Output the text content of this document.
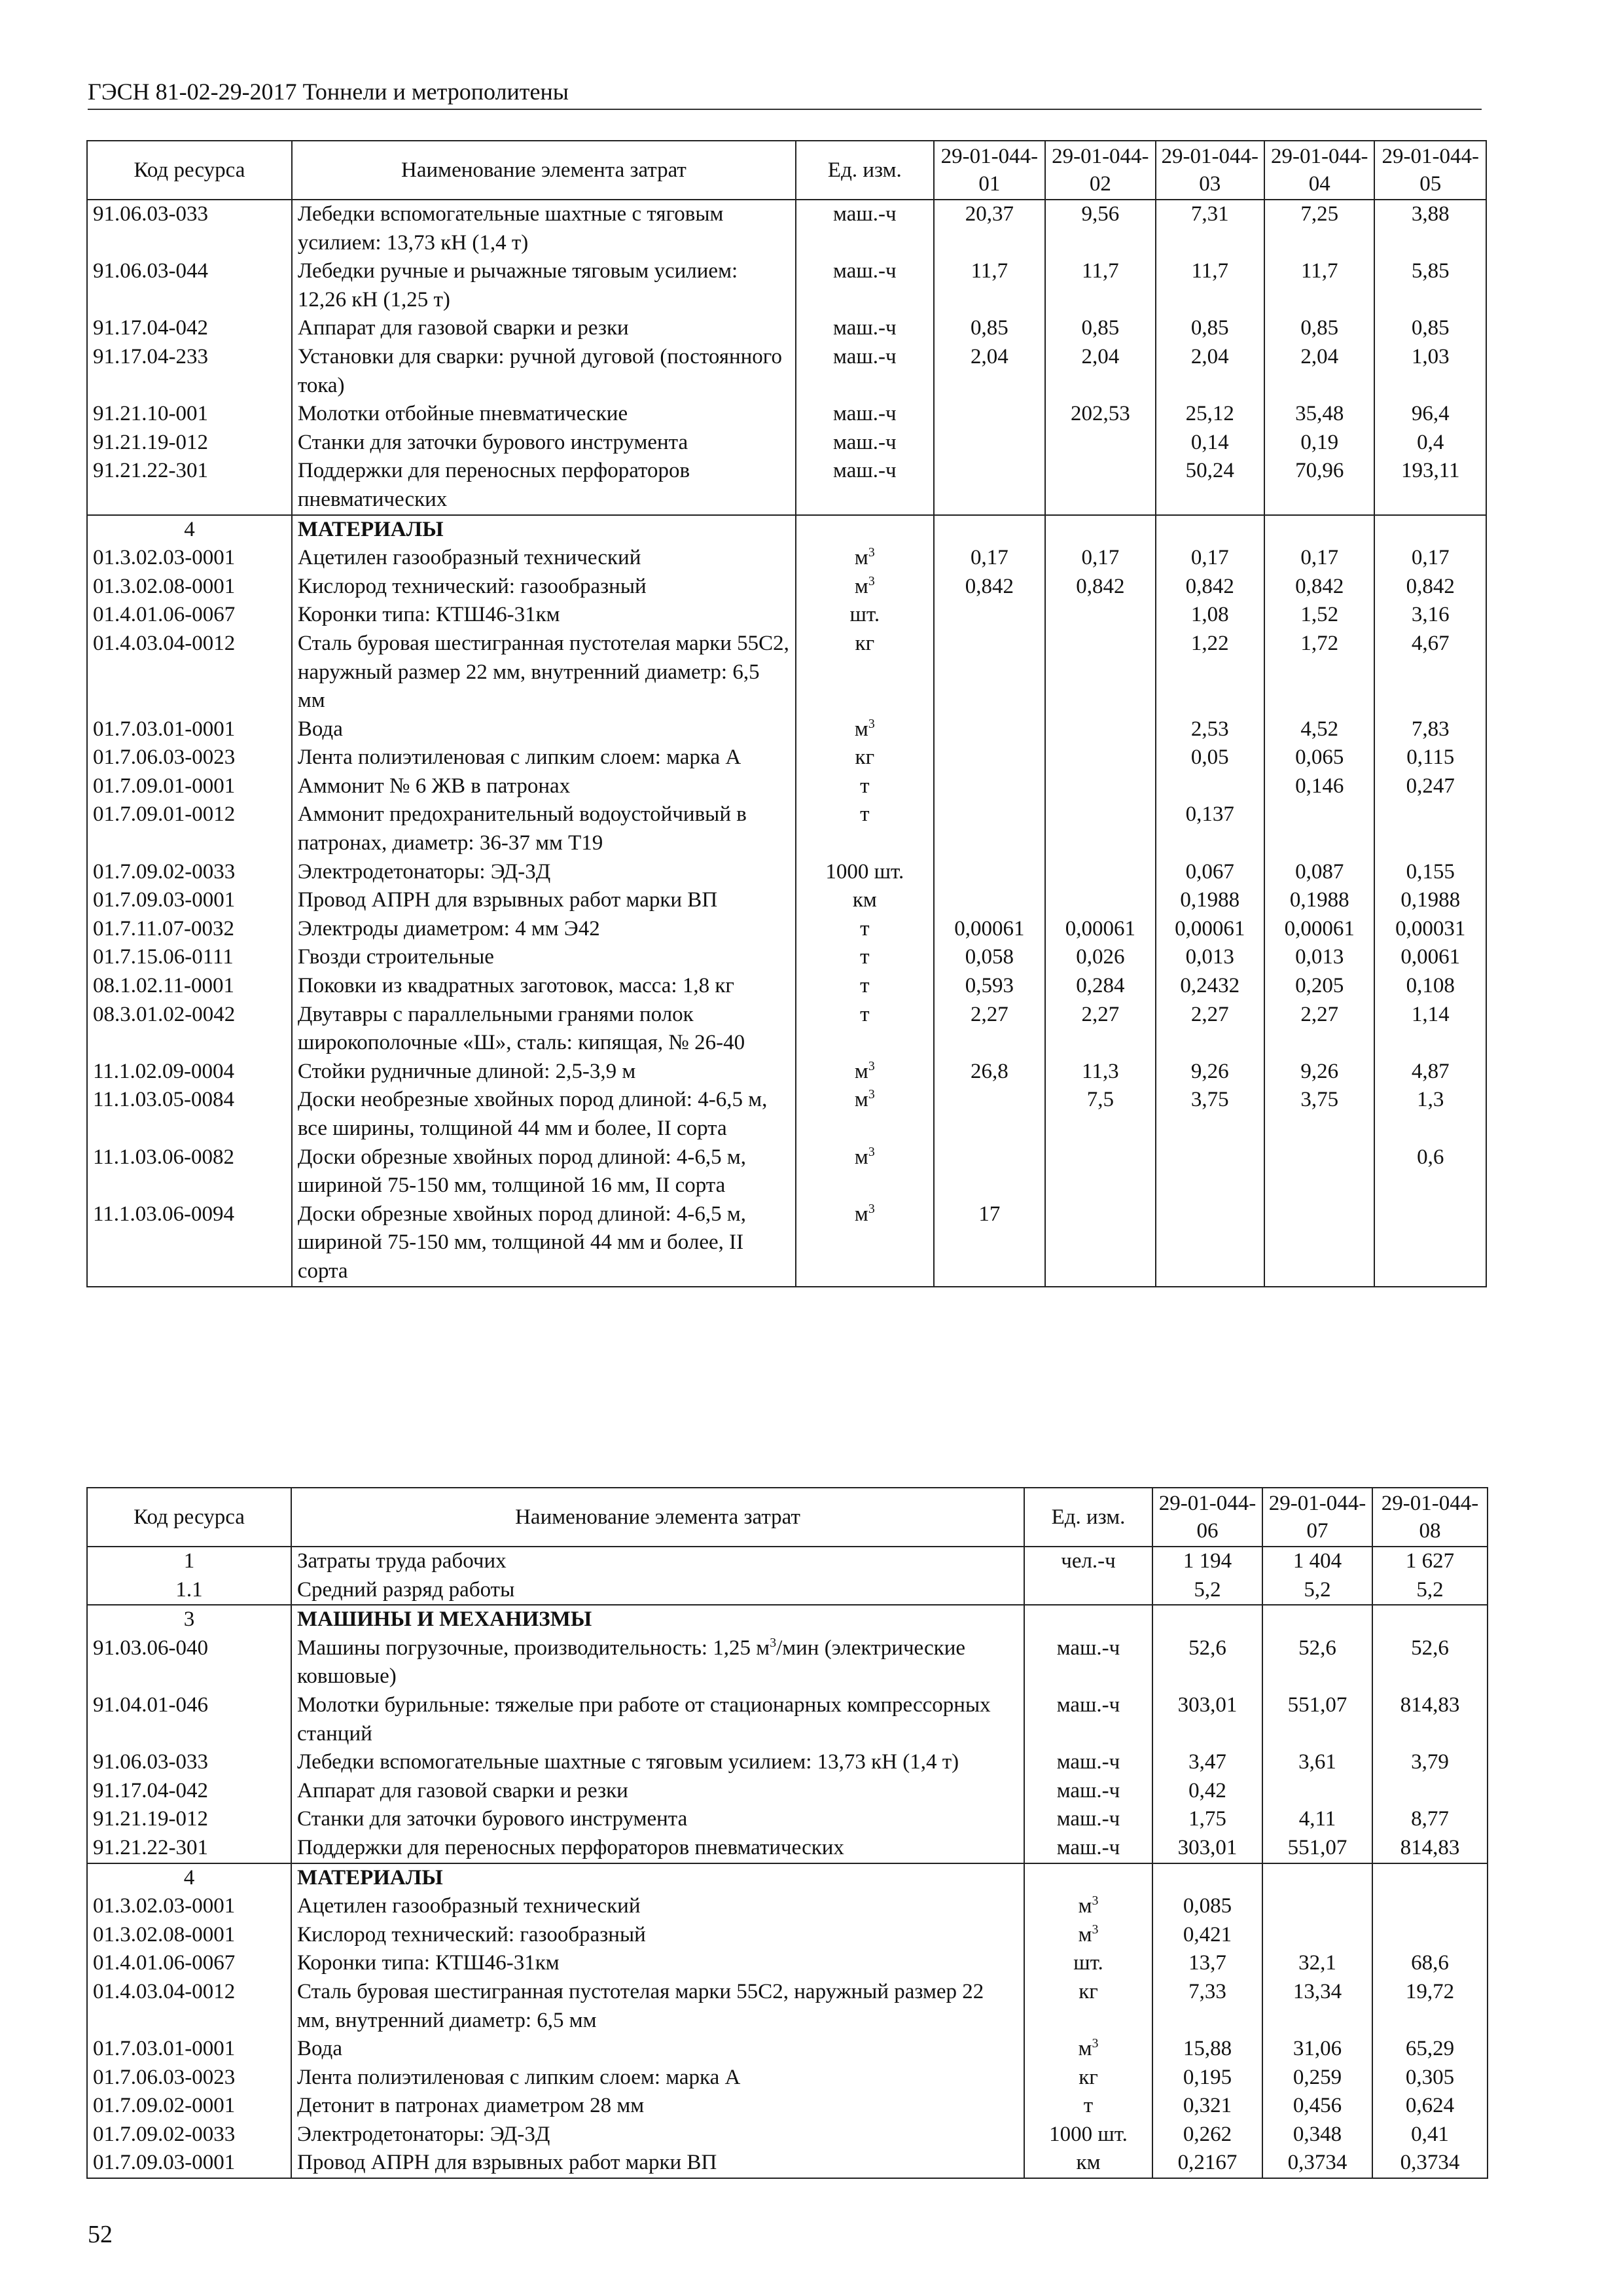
ГЭСН 81-02-29-2017 Тоннели и метрополитены
Код ресурса	Наименование элемента затрат	Ед. изм.	29-01-044-01	29-01-044-02	29-01-044-03	29-01-044-04	29-01-044-05
91.06.03-033	Лебедки вспомогательные шахтные с тяговым усилием: 13,73 кН (1,4 т)	маш.-ч	20,37	9,56	7,31	7,25	3,88
91.06.03-044	Лебедки ручные и рычажные тяговым усилием: 12,26 кН (1,25 т)	маш.-ч	11,7	11,7	11,7	11,7	5,85
91.17.04-042	Аппарат для газовой сварки и резки	маш.-ч	0,85	0,85	0,85	0,85	0,85
91.17.04-233	Установки для сварки: ручной дуговой (постоянного тока)	маш.-ч	2,04	2,04	2,04	2,04	1,03
91.21.10-001	Молотки отбойные пневматические	маш.-ч		202,53	25,12	35,48	96,4
91.21.19-012	Станки для заточки бурового инструмента	маш.-ч			0,14	0,19	0,4
91.21.22-301	Поддержки для переносных перфораторов пневматических	маш.-ч			50,24	70,96	193,11
4	МАТЕРИАЛЫ						
01.3.02.03-0001	Ацетилен газообразный технический	$м^3$	0,17	0,17	0,17	0,17	0,17
01.3.02.08-0001	Кислород технический: газообразный	$м^3$	0,842	0,842	0,842	0,842	0,842
01.4.01.06-0067	Коронки типа: КТШ46-31км	шт.			1,08	1,52	3,16
01.4.03.04-0012	Сталь буровая шестигранная пустотелая марки 55С2, наружный размер 22 мм, внутренний диаметр: 6,5 мм	кг			1,22	1,72	4,67
01.7.03.01-0001	Вода	$м^3$			2,53	4,52	7,83
01.7.06.03-0023	Лента полиэтиленовая с липким слоем: марка А	кг			0,05	0,065	0,115
01.7.09.01-0001	Аммонит № 6 ЖВ в патронах	т				0,146	0,247
01.7.09.01-0012	Аммонит предохранительный водоустойчивый в патронах, диаметр: 36-37 мм Т19	т			0,137		
01.7.09.02-0033	Электродетонаторы: ЭД-3Д	1000 шт.			0,067	0,087	0,155
01.7.09.03-0001	Провод АПРН для взрывных работ марки ВП	км			0,1988	0,1988	0,1988
01.7.11.07-0032	Электроды диаметром: 4 мм Э42	т	0,00061	0,00061	0,00061	0,00061	0,00031
01.7.15.06-0111	Гвозди строительные	т	0,058	0,026	0,013	0,013	0,0061
08.1.02.11-0001	Поковки из квадратных заготовок, масса: 1,8 кг	т	0,593	0,284	0,2432	0,205	0,108
08.3.01.02-0042	Двутавры с параллельными гранями полок широкополочные «Ш», сталь: кипящая, № 26-40	т	2,27	2,27	2,27	2,27	1,14
11.1.02.09-0004	Стойки рудничные длиной: 2,5-3,9 м	$м^3$	26,8	11,3	9,26	9,26	4,87
11.1.03.05-0084	Доски необрезные хвойных пород длиной: 4-6,5 м, все ширины, толщиной 44 мм и более, II сорта	$м^3$		7,5	3,75	3,75	1,3
11.1.03.06-0082	Доски обрезные хвойных пород длиной: 4-6,5 м, шириной 75-150 мм, толщиной 16 мм, II сорта	$м^3$					0,6
11.1.03.06-0094	Доски обрезные хвойных пород длиной: 4-6,5 м, шириной 75-150 мм, толщиной 44 мм и более, II сорта	$м^3$	17				
Код ресурса	Наименование элемента затрат	Ед. изм.	29-01-044-06	29-01-044-07	29-01-044-08
1	Затраты труда рабочих	чел.-ч	1 194	1 404	1 627
1.1	Средний разряд работы		5,2	5,2	5,2
3	МАШИНЫ И МЕХАНИЗМЫ				
91.03.06-040	Машины погрузочные, производительность: 1,25 $м^3$/мин (электрические ковшовые)	маш.-ч	52,6	52,6	52,6
91.04.01-046	Молотки бурильные: тяжелые при работе от стационарных компрессорных станций	маш.-ч	303,01	551,07	814,83
91.06.03-033	Лебедки вспомогательные шахтные с тяговым усилием: 13,73 кН (1,4 т)	маш.-ч	3,47	3,61	3,79
91.17.04-042	Аппарат для газовой сварки и резки	маш.-ч	0,42		
91.21.19-012	Станки для заточки бурового инструмента	маш.-ч	1,75	4,11	8,77
91.21.22-301	Поддержки для переносных перфораторов пневматических	маш.-ч	303,01	551,07	814,83
4	МАТЕРИАЛЫ				
01.3.02.03-0001	Ацетилен газообразный технический	$м^3$	0,085		
01.3.02.08-0001	Кислород технический: газообразный	$м^3$	0,421		
01.4.01.06-0067	Коронки типа: КТШ46-31км	шт.	13,7	32,1	68,6
01.4.03.04-0012	Сталь буровая шестигранная пустотелая марки 55С2, наружный размер 22 мм, внутренний диаметр: 6,5 мм	кг	7,33	13,34	19,72
01.7.03.01-0001	Вода	$м^3$	15,88	31,06	65,29
01.7.06.03-0023	Лента полиэтиленовая с липким слоем: марка А	кг	0,195	0,259	0,305
01.7.09.02-0001	Детонит в патронах диаметром 28 мм	т	0,321	0,456	0,624
01.7.09.02-0033	Электродетонаторы: ЭД-3Д	1000 шт.	0,262	0,348	0,41
01.7.09.03-0001	Провод АПРН для взрывных работ марки ВП	км	0,2167	0,3734	0,3734
52
